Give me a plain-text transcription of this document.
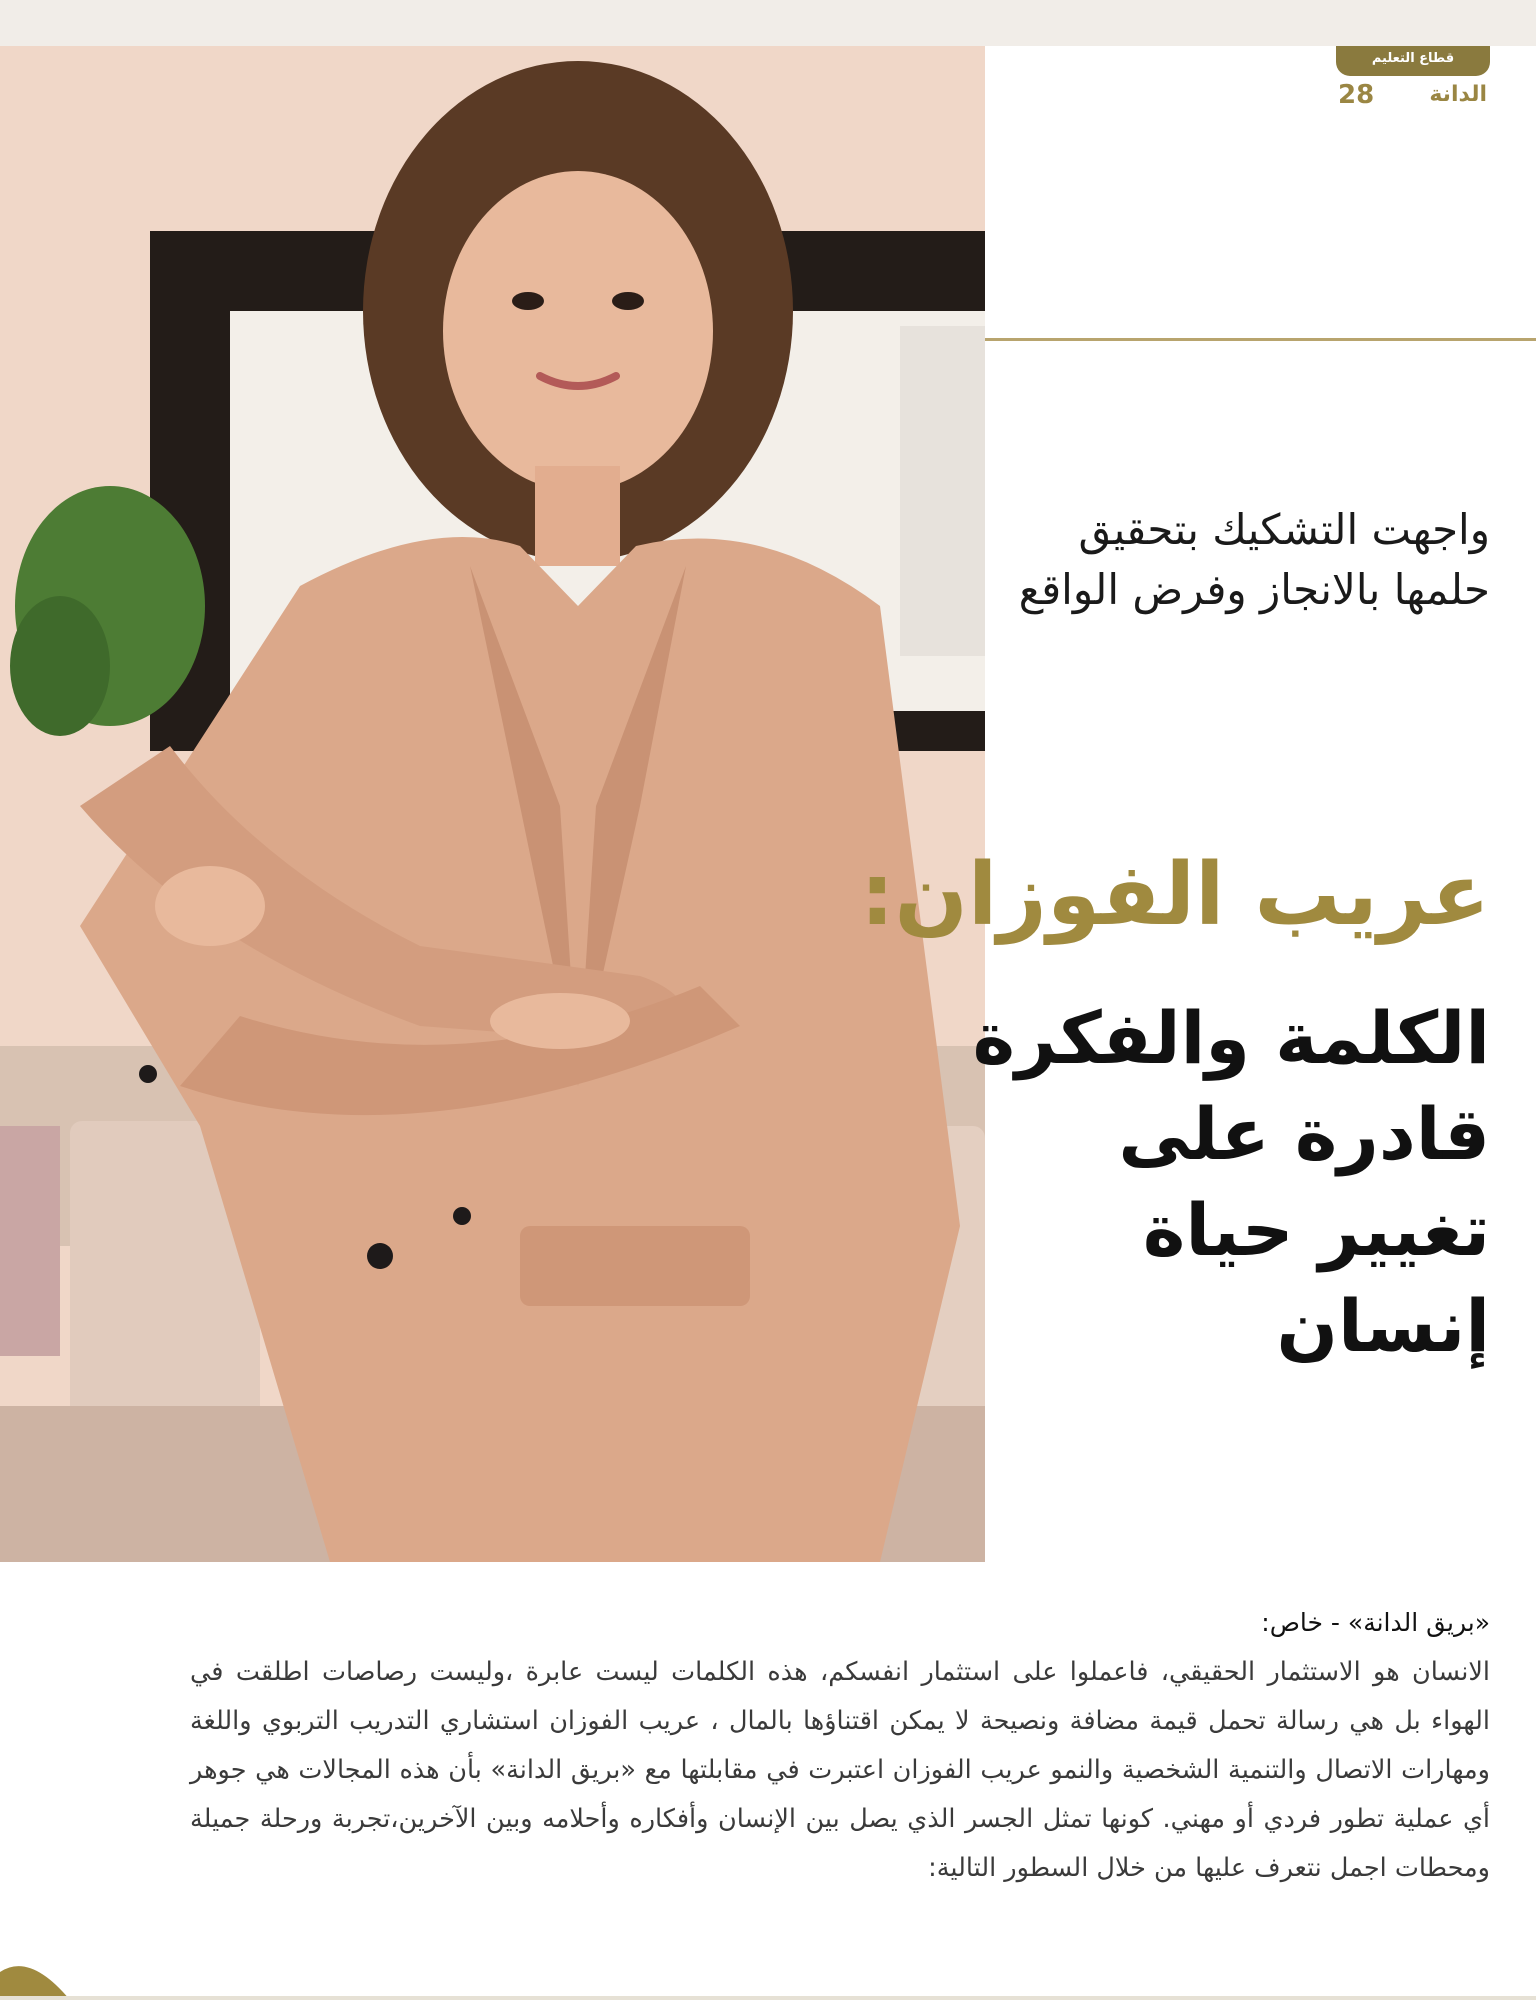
قطاع التعليم
28	الدانة
واجهت التشكيك بتحقيق حلمها بالانجاز وفرض الواقع
عريب الفوزان:
الكلمة والفكرة قادرة على تغيير حياة إنسان
«بريق الدانة» - خاص:
الانسان هو الاستثمار الحقيقي، فاعملوا على استثمار انفسكم، هذه الكلمات ليست عابرة ،وليست رصاصات اطلقت في الهواء بل هي رسالة تحمل قيمة مضافة ونصيحة لا يمكن اقتناؤها بالمال ، عريب الفوزان استشاري التدريب التربوي واللغة ومهارات الاتصال والتنمية الشخصية والنمو عريب الفوزان اعتبرت في مقابلتها مع «بريق الدانة» بأن هذه المجالات هي جوهر أي عملية تطور فردي أو مهني. كونها تمثل الجسر الذي يصل بين الإنسان وأفكاره وأحلامه وبين الآخرين،تجربة ورحلة جميلة ومحطات اجمل نتعرف عليها من خلال السطور التالية:
